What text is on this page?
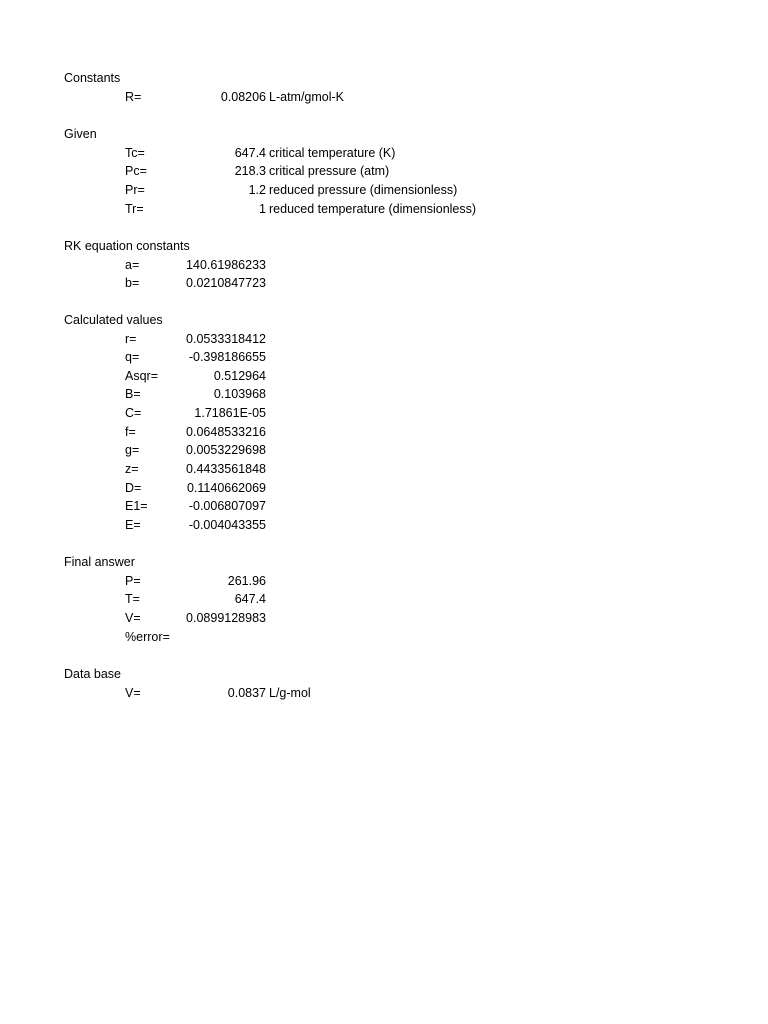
Constants
R=	0.08206 L-atm/gmol-K
Given
Tc=	647.4 critical temperature (K)
Pc=	218.3 critical pressure (atm)
Pr=	1.2 reduced pressure (dimensionless)
Tr=	1 reduced temperature (dimensionless)
RK equation constants
a=	140.61986233
b=	0.0210847723
Calculated values
r=	0.0533318412
q=	-0.398186655
Asqr=	0.512964
B=	0.103968
C=	1.71861E-05
f=	0.0648533216
g=	0.0053229698
z=	0.4433561848
D=	0.1140662069
E1=	-0.006807097
E=	-0.004043355
Final answer
P=	261.96
T=	647.4
V=	0.0899128983
%error=
Data base
V=	0.0837 L/g-mol
